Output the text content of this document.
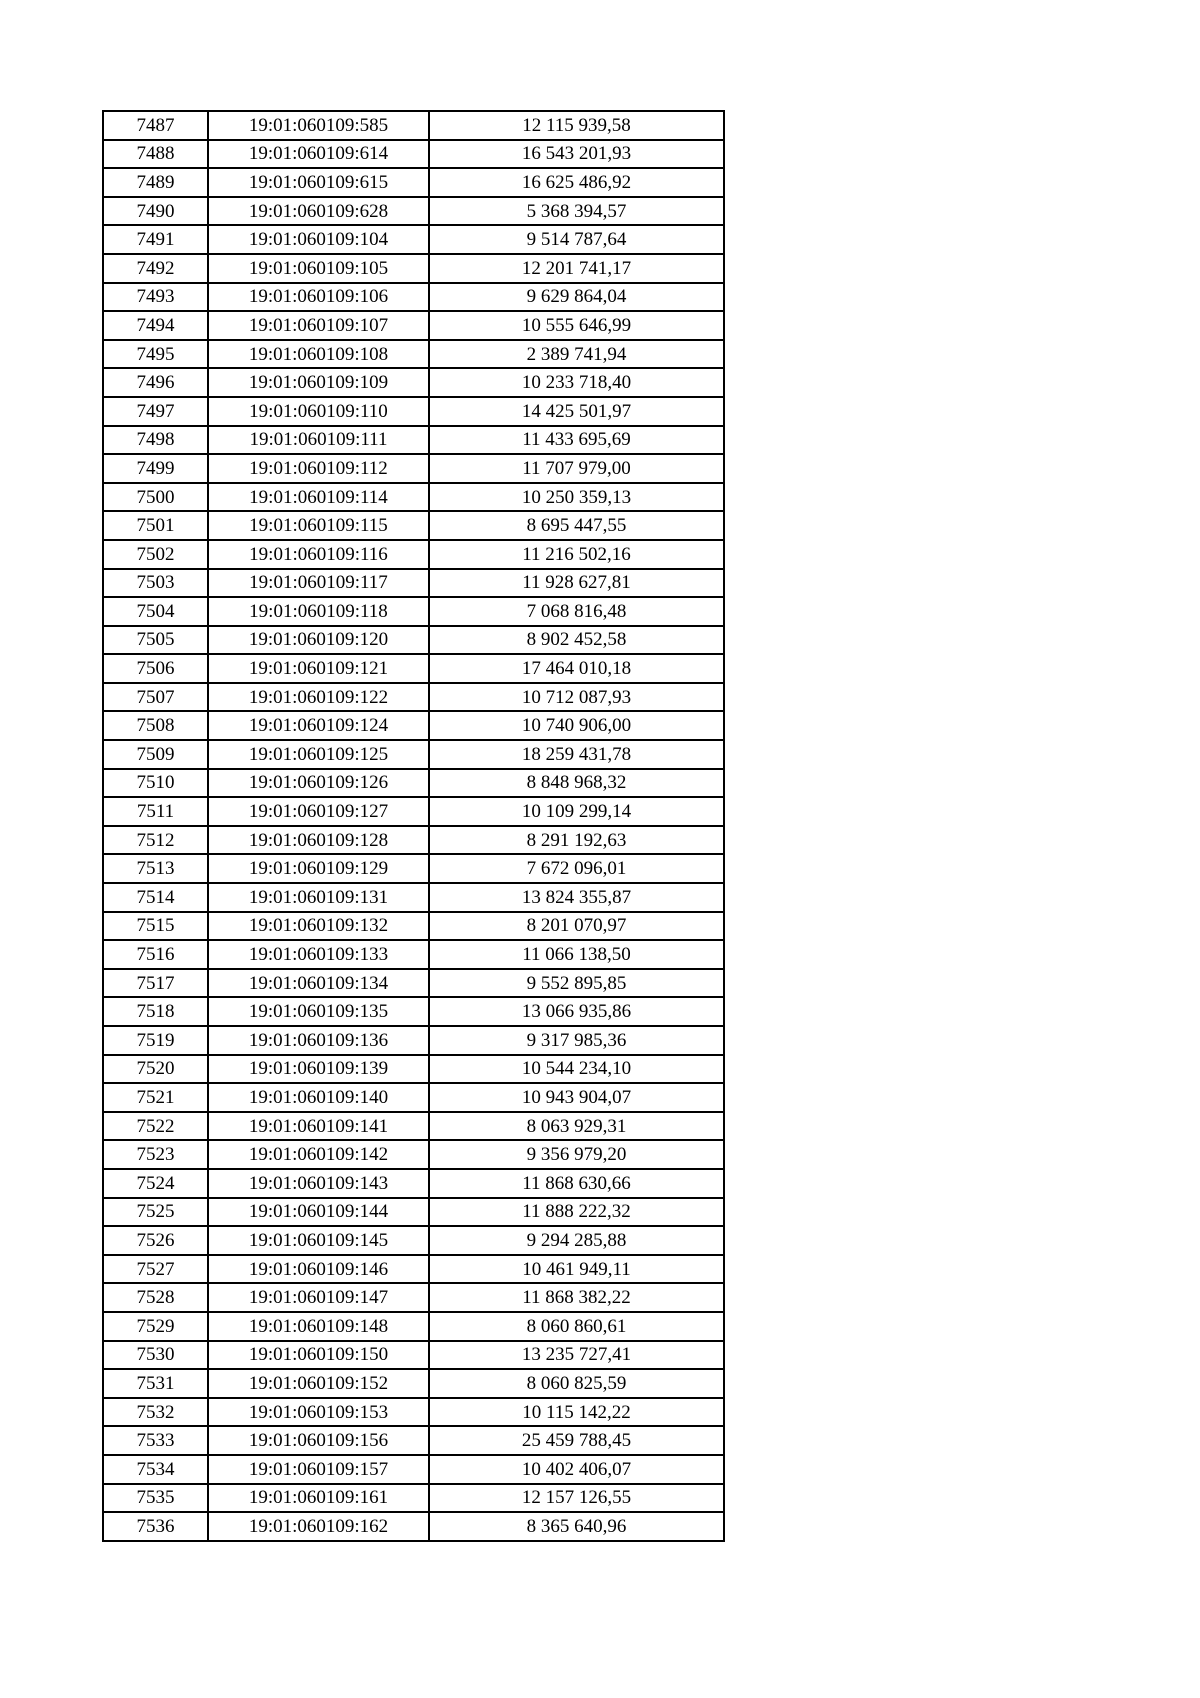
7487	19:01:060109:585	12 115 939,58
7488	19:01:060109:614	16 543 201,93
7489	19:01:060109:615	16 625 486,92
7490	19:01:060109:628	5 368 394,57
7491	19:01:060109:104	9 514 787,64
7492	19:01:060109:105	12 201 741,17
7493	19:01:060109:106	9 629 864,04
7494	19:01:060109:107	10 555 646,99
7495	19:01:060109:108	2 389 741,94
7496	19:01:060109:109	10 233 718,40
7497	19:01:060109:110	14 425 501,97
7498	19:01:060109:111	11 433 695,69
7499	19:01:060109:112	11 707 979,00
7500	19:01:060109:114	10 250 359,13
7501	19:01:060109:115	8 695 447,55
7502	19:01:060109:116	11 216 502,16
7503	19:01:060109:117	11 928 627,81
7504	19:01:060109:118	7 068 816,48
7505	19:01:060109:120	8 902 452,58
7506	19:01:060109:121	17 464 010,18
7507	19:01:060109:122	10 712 087,93
7508	19:01:060109:124	10 740 906,00
7509	19:01:060109:125	18 259 431,78
7510	19:01:060109:126	8 848 968,32
7511	19:01:060109:127	10 109 299,14
7512	19:01:060109:128	8 291 192,63
7513	19:01:060109:129	7 672 096,01
7514	19:01:060109:131	13 824 355,87
7515	19:01:060109:132	8 201 070,97
7516	19:01:060109:133	11 066 138,50
7517	19:01:060109:134	9 552 895,85
7518	19:01:060109:135	13 066 935,86
7519	19:01:060109:136	9 317 985,36
7520	19:01:060109:139	10 544 234,10
7521	19:01:060109:140	10 943 904,07
7522	19:01:060109:141	8 063 929,31
7523	19:01:060109:142	9 356 979,20
7524	19:01:060109:143	11 868 630,66
7525	19:01:060109:144	11 888 222,32
7526	19:01:060109:145	9 294 285,88
7527	19:01:060109:146	10 461 949,11
7528	19:01:060109:147	11 868 382,22
7529	19:01:060109:148	8 060 860,61
7530	19:01:060109:150	13 235 727,41
7531	19:01:060109:152	8 060 825,59
7532	19:01:060109:153	10 115 142,22
7533	19:01:060109:156	25 459 788,45
7534	19:01:060109:157	10 402 406,07
7535	19:01:060109:161	12 157 126,55
7536	19:01:060109:162	8 365 640,96
